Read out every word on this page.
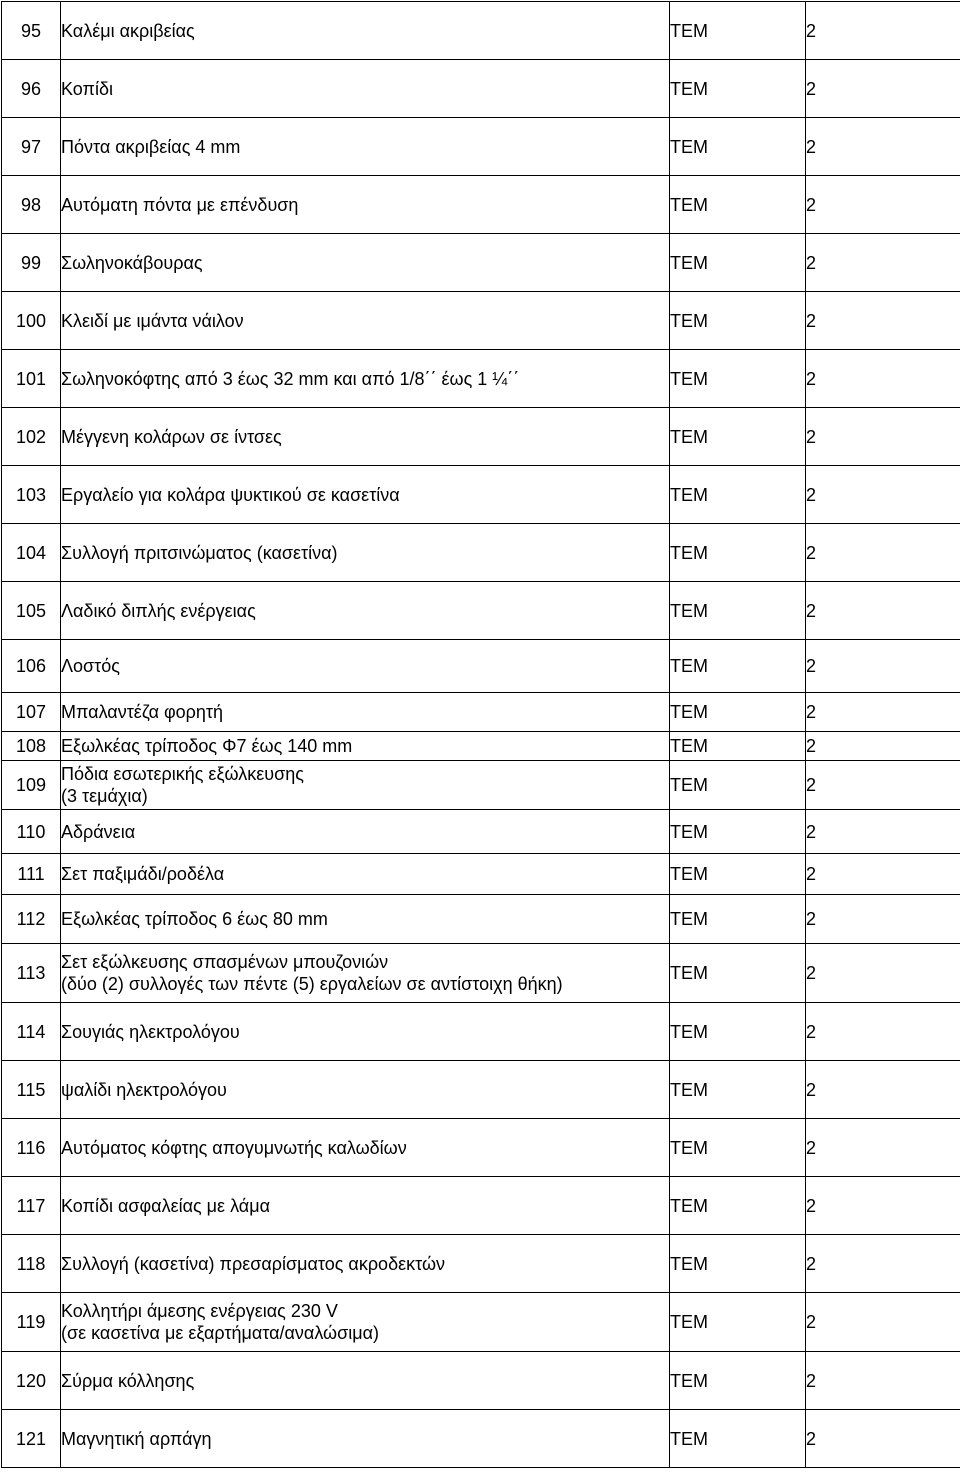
95	Καλέμι ακριβείας	ΤΕΜ	2
96	Κοπίδι	ΤΕΜ	2
97	Πόντα ακριβείας 4 mm	ΤΕΜ	2
98	Αυτόματη πόντα με επένδυση	ΤΕΜ	2
99	Σωληνοκάβουρας	ΤΕΜ	2
100	Κλειδί με ιμάντα νάιλον	ΤΕΜ	2
101	Σωληνοκόφτης από 3 έως 32 mm και από 1/8΄΄ έως 1 ¼΄΄	ΤΕΜ	2
102	Μέγγενη κολάρων σε ίντσες	ΤΕΜ	2
103	Εργαλείο για κολάρα ψυκτικού σε κασετίνα	ΤΕΜ	2
104	Συλλογή πριτσινώματος (κασετίνα)	ΤΕΜ	2
105	Λαδικό διπλής ενέργειας	ΤΕΜ	2
106	Λοστός	ΤΕΜ	2
107	Μπαλαντέζα φορητή	ΤΕΜ	2
108	Εξωλκέας τρίποδος Φ7 έως 140 mm	ΤΕΜ	2
109	Πόδια εσωτερικής εξώλκευσης
(3 τεμάχια)	ΤΕΜ	2
110	Αδράνεια	ΤΕΜ	2
111	Σετ παξιμάδι/ροδέλα	ΤΕΜ	2
112	Εξωλκέας τρίποδος 6 έως 80 mm	ΤΕΜ	2
113	Σετ εξώλκευσης σπασμένων μπουζονιών
(δύο (2) συλλογές των πέντε (5) εργαλείων σε αντίστοιχη θήκη)	ΤΕΜ	2
114	Σουγιάς ηλεκτρολόγου	ΤΕΜ	2
115	ψαλίδι ηλεκτρολόγου	ΤΕΜ	2
116	Αυτόματος κόφτης απογυμνωτής καλωδίων	ΤΕΜ	2
117	Κοπίδι ασφαλείας με λάμα	ΤΕΜ	2
118	Συλλογή (κασετίνα) πρεσαρίσματος ακροδεκτών	ΤΕΜ	2
119	Κολλητήρι άμεσης ενέργειας 230 V
(σε κασετίνα με εξαρτήματα/αναλώσιμα)	ΤΕΜ	2
120	Σύρμα κόλλησης	ΤΕΜ	2
121	Μαγνητική αρπάγη	ΤΕΜ	2
